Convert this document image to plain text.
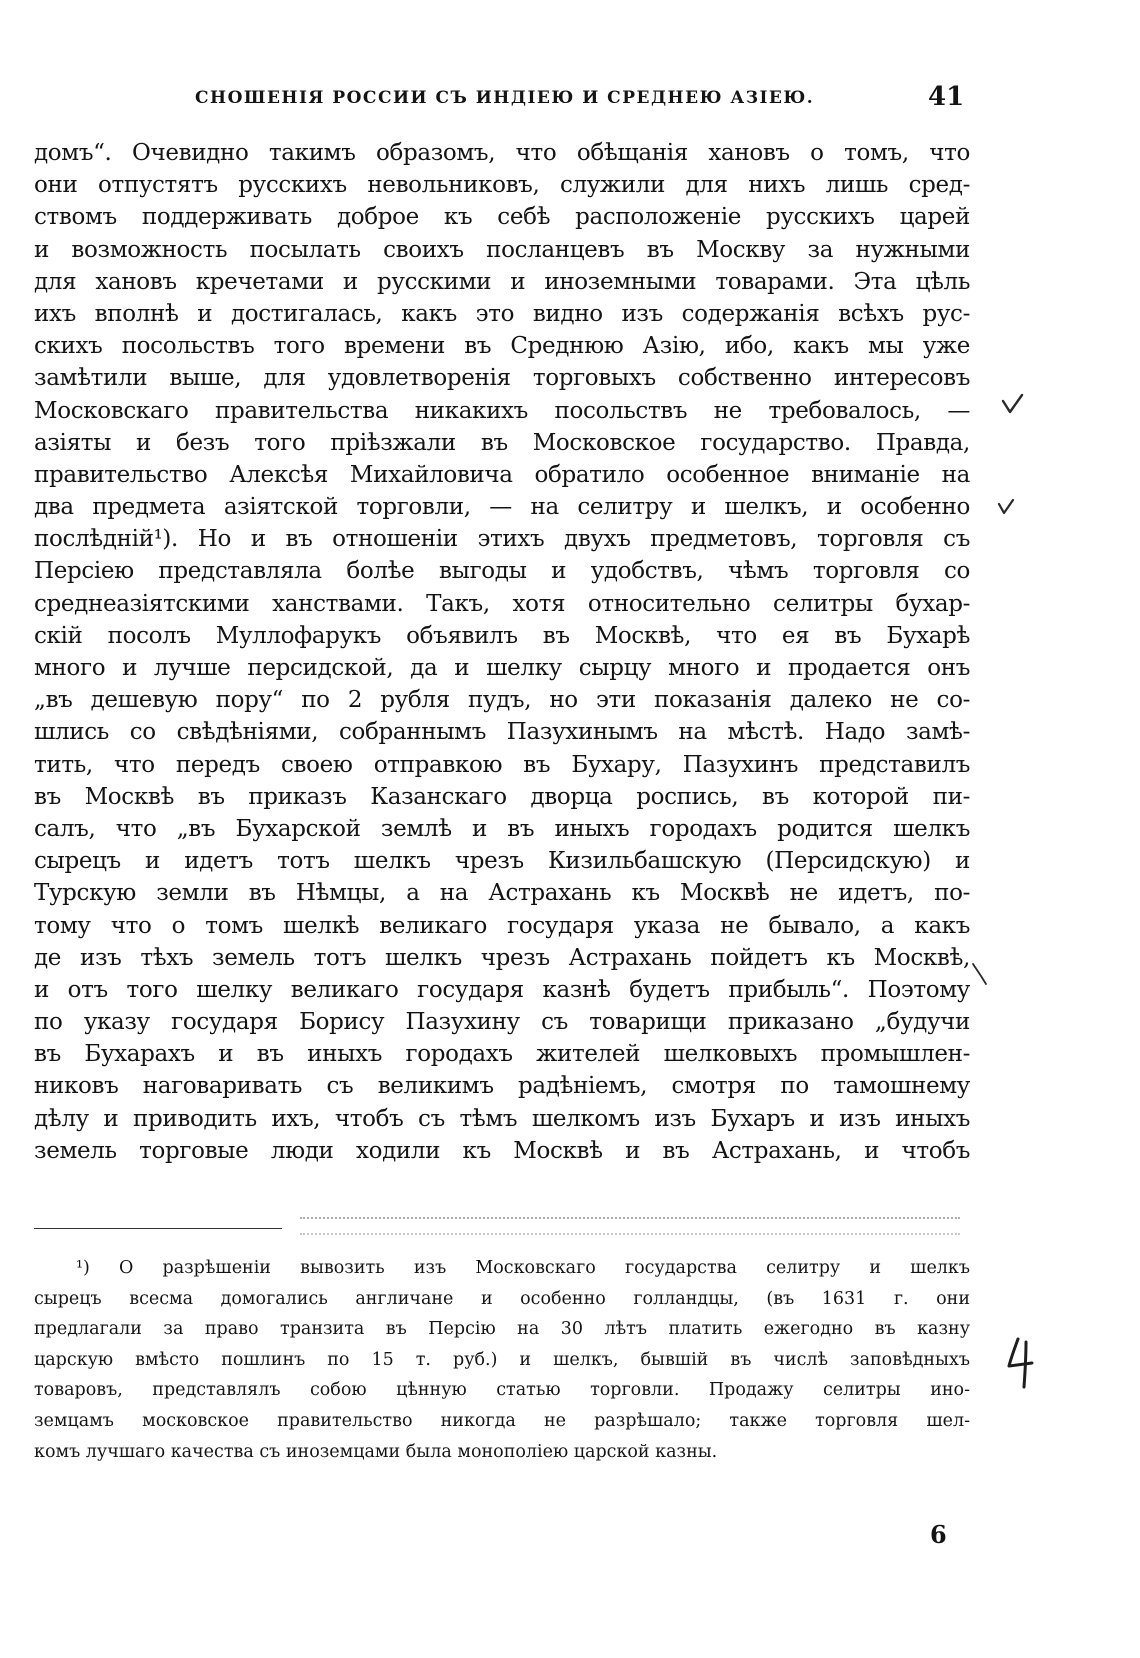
СНОШЕНІЯ РОССИИ СЪ ИНДІЕЮ И СРЕДНЕЮ АЗІЕЮ.	41
домъ“. Очевидно такимъ образомъ, что обѣщанія хановъ о томъ, что
они отпустятъ русскихъ невольниковъ, служили для нихъ лишь сред-
ствомъ поддерживать доброе къ себѣ расположеніе русскихъ царей
и возможность посылать своихъ посланцевъ въ Москву за нужными
для хановъ кречетами и русскими и иноземными товарами. Эта цѣль
ихъ вполнѣ и достигалась, какъ это видно изъ содержанія всѣхъ рус-
скихъ посольствъ того времени въ Среднюю Азію, ибо, какъ мы уже
замѣтили выше, для удовлетворенія торговыхъ собственно интересовъ
Московскаго правительства никакихъ посольствъ не требовалось, —
азіяты и безъ того пріѣзжали въ Московское государство. Правда,
правительство Алексѣя Михайловича обратило особенное вниманіе на
два предмета азіятской торговли, — на селитру и шелкъ, и особенно
послѣдній¹). Но и въ отношеніи этихъ двухъ предметовъ, торговля съ
Персіею представляла болѣе выгоды и удобствъ, чѣмъ торговля со
среднеазіятскими ханствами. Такъ, хотя относительно селитры бухар-
скій посолъ Муллофарукъ объявилъ въ Москвѣ, что ея въ Бухарѣ
много и лучше персидской, да и шелку сырцу много и продается онъ
„въ дешевую пору“ по 2 рубля пудъ, но эти показанія далеко не со-
шлись со свѣдѣніями, собраннымъ Пазухинымъ на мѣстѣ. Надо замѣ-
тить, что передъ своею отправкою въ Бухару, Пазухинъ представилъ
въ Москвѣ въ приказъ Казанскаго дворца роспись, въ которой пи-
салъ, что „въ Бухарской землѣ и въ иныхъ городахъ родится шелкъ
сырецъ и идетъ тотъ шелкъ чрезъ Кизильбашскую (Персидскую) и
Турскую земли въ Нѣмцы, а на Астрахань къ Москвѣ не идетъ, по-
тому что о томъ шелкѣ великаго государя указа не бывало, а какъ
де изъ тѣхъ земель тотъ шелкъ чрезъ Астрахань пойдетъ къ Москвѣ,
и отъ того шелку великаго государя казнѣ будетъ прибыль“. Поэтому
по указу государя Борису Пазухину съ товарищи приказано „будучи
въ Бухарахъ и въ иныхъ городахъ жителей шелковыхъ промышлен-
никовъ наговаривать съ великимъ радѣніемъ, смотря по тамошнему
дѣлу и приводить ихъ, чтобъ съ тѣмъ шелкомъ изъ Бухаръ и изъ иныхъ
земель торговые люди ходили къ Москвѣ и въ Астрахань, и чтобъ
¹) О разрѣшеніи вывозить изъ Московскаго государства селитру и шелкъ
сырецъ всесма домогались англичане и особенно голландцы, (въ 1631 г. они
предлагали за право транзита въ Персію на 30 лѣтъ платить ежегодно въ казну
царскую вмѣсто пошлинъ по 15 т. руб.) и шелкъ, бывшій въ числѣ заповѣдныхъ
товаровъ, представлялъ собою цѣнную статью торговли. Продажу селитры ино-
земцамъ московское правительство никогда не разрѣшало; также торговля шел-
комъ лучшаго качества съ иноземцами была монополіею царской казны.
6
